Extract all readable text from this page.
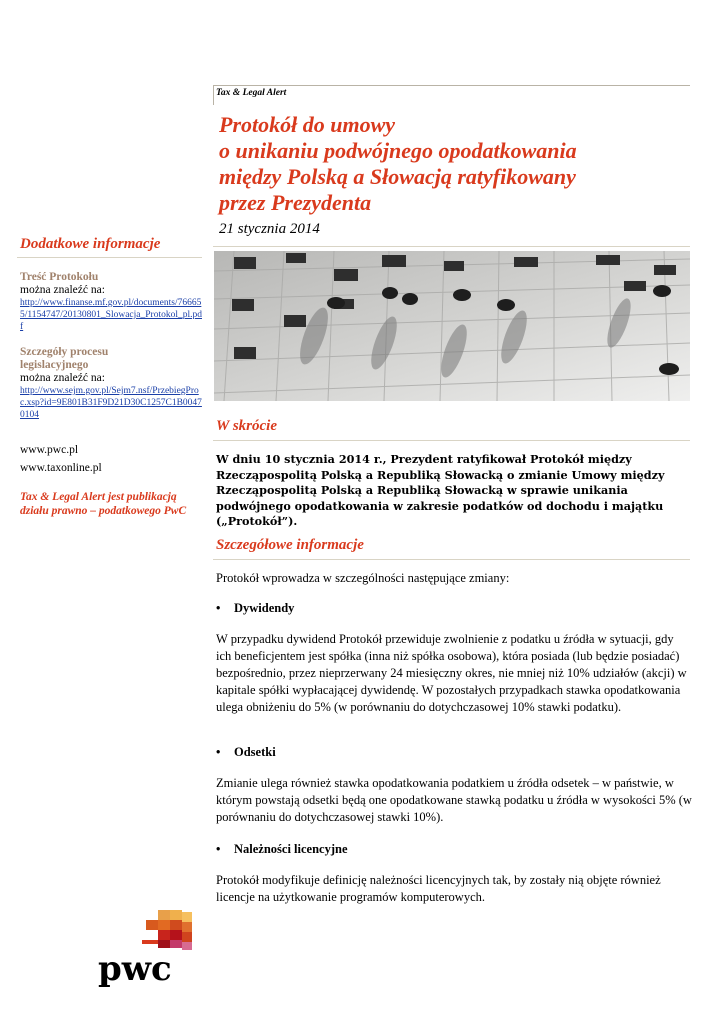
Tax & Legal Alert
Protokół do umowy
o unikaniu podwójnego opodatkowania
między Polską a Słowacją ratyfikowany
przez Prezydenta
21 stycznia 2014
Dodatkowe informacje
Treść Protokołu
można znaleźć na:
http://www.finanse.mf.gov.pl/documents/766655/1154747/20130801_Slowacja_Protokol_pl.pdf
Szczegóły procesu legislacyjnego
można znaleźć na:
http://www.sejm.gov.pl/Sejm7.nsf/PrzebiegProc.xsp?id=9E801B31F9D21D30C1257C1B00470104
www.pwc.pl
www.taxonline.pl
Tax & Legal Alert jest publikacją działu prawno – podatkowego PwC
W skrócie
W dniu 10 stycznia 2014 r., Prezydent ratyfikował Protokół między Rzecząpospolitą Polską a Republiką Słowacką o zmianie Umowy między Rzecząpospolitą Polską a Republiką Słowacką w sprawie unikania podwójnego opodatkowania w zakresie podatków od dochodu i majątku („Protokół”).
Szczegółowe informacje
Protokół wprowadza w szczególności następujące zmiany:
• Dywidendy
W przypadku dywidend Protokół przewiduje zwolnienie z podatku u źródła w sytuacji, gdy ich beneficjentem jest spółka (inna niż spółka osobowa), która posiada (lub będzie posiadać) bezpośrednio, przez nieprzerwany 24 miesięczny okres, nie mniej niż 10% udziałów (akcji) w kapitale spółki wypłacającej dywidendę. W pozostałych przypadkach stawka opodatkowania ulega obniżeniu do 5% (w porównaniu do dotychczasowej 10% stawki podatku).
• Odsetki
Zmianie ulega również stawka opodatkowania podatkiem u źródła odsetek – w państwie, w którym powstają odsetki będą one opodatkowane stawką podatku u źródła w wysokości 5% (w porównaniu do dotychczasowej stawki 10%).
• Należności licencyjne
Protokół modyfikuje definicję należności licencyjnych tak, by zostały nią objęte również licencje na użytkowanie programów komputerowych.
pwc
